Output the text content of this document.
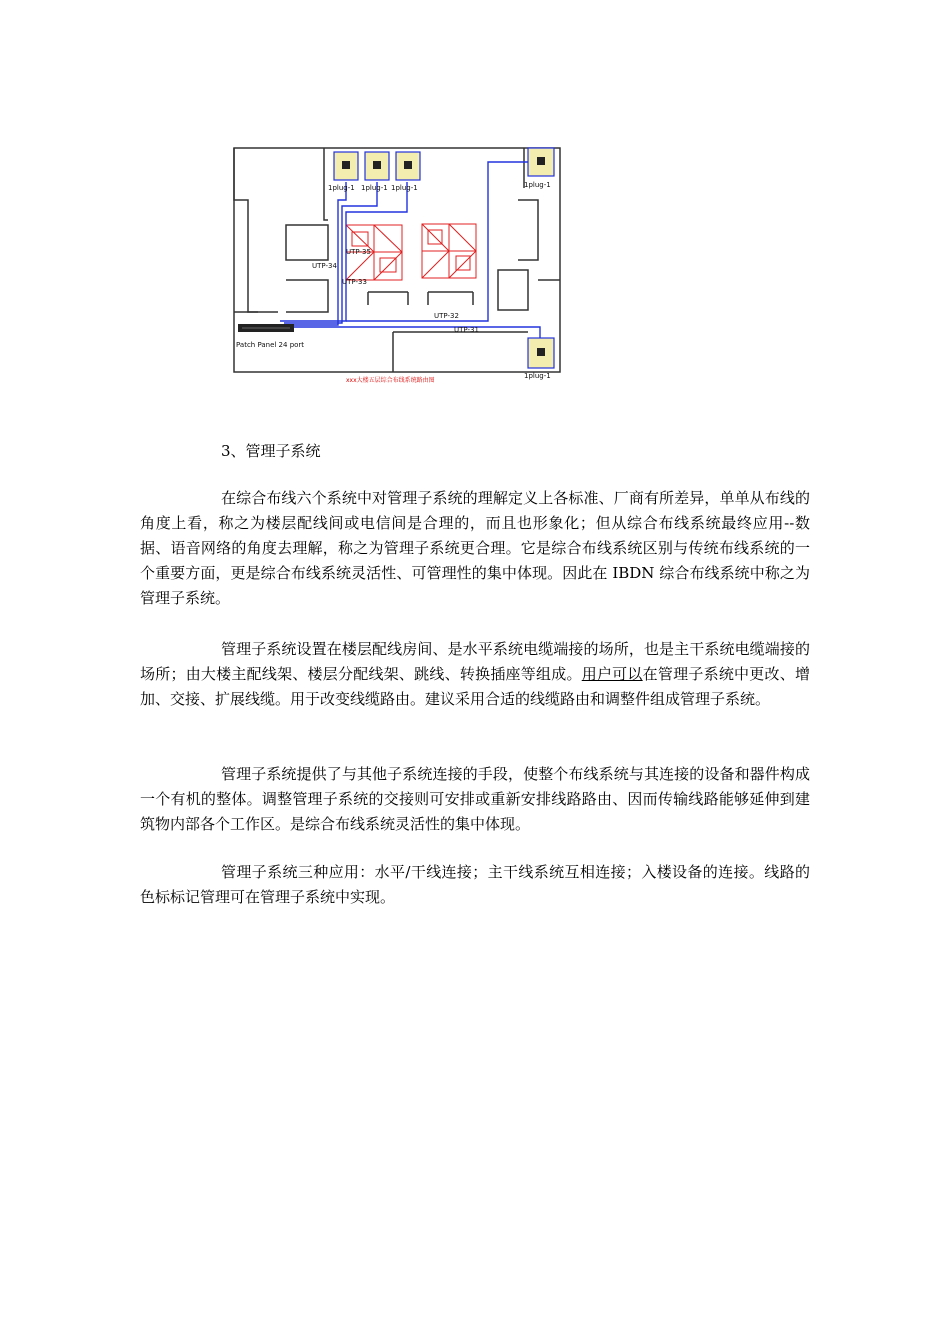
1plug-1 1plug-1 1plug-1	1plug-1
1plug-1
UTP-34
UTP-35
UTP-33
UTP-32
UTP-31
Patch Panel 24 port
xxx大楼五层综合布线系统路由图
3、管理子系统

在综合布线六个系统中对管理子系统的理解定义上各标准、厂商有所差异，单单从布线的角度上看，称之为楼层配线间或电信间是合理的，而且也形象化；但从综合布线系统最终应用--数据、语音网络的角度去理解，称之为管理子系统更合理。它是综合布线系统区别与传统布线系统的一个重要方面，更是综合布线系统灵活性、可管理性的集中体现。因此在 IBDN 综合布线系统中称之为管理子系统。

管理子系统设置在楼层配线房间、是水平系统电缆端接的场所，也是主干系统电缆端接的场所；由大楼主配线架、楼层分配线架、跳线、转换插座等组成。用户可以在管理子系统中更改、增加、交接、扩展线缆。用于改变线缆路由。建议采用合适的线缆路由和调整件组成管理子系统。

管理子系统提供了与其他子系统连接的手段，使整个布线系统与其连接的设备和器件构成一个有机的整体。调整管理子系统的交接则可安排或重新安排线路路由、因而传输线路能够延伸到建筑物内部各个工作区。是综合布线系统灵活性的集中体现。

管理子系统三种应用：水平/干线连接；主干线系统互相连接；入楼设备的连接。线路的色标标记管理可在管理子系统中实现。
